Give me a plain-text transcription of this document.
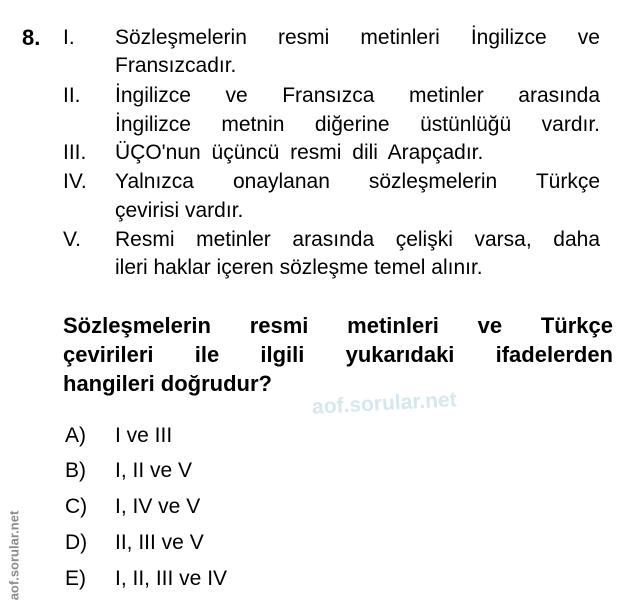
8. I. Sözleşmelerin resmi metinleri İngilizce ve
Fransızcadır.
II. İngilizce ve Fransızca metinler arasında
İngilizce metnin diğerine üstünlüğü vardır.
III. ÜÇO'nun üçüncü resmi dili Arapçadır.
IV. Yalnızca onaylanan sözleşmelerin Türkçe
çevirisi vardır.
V. Resmi metinler arasında çelişki varsa, daha
ileri haklar içeren sözleşme temel alınır.
Sözleşmelerin resmi metinleri ve Türkçe
çevirileri ile ilgili yukarıdaki ifadelerden
hangileri doğrudur?
aof.sorular.net
A) I ve III
B) I, II ve V
C) I, IV ve V
D) II, III ve V
E) I, II, III ve IV
aof.sorular.net
